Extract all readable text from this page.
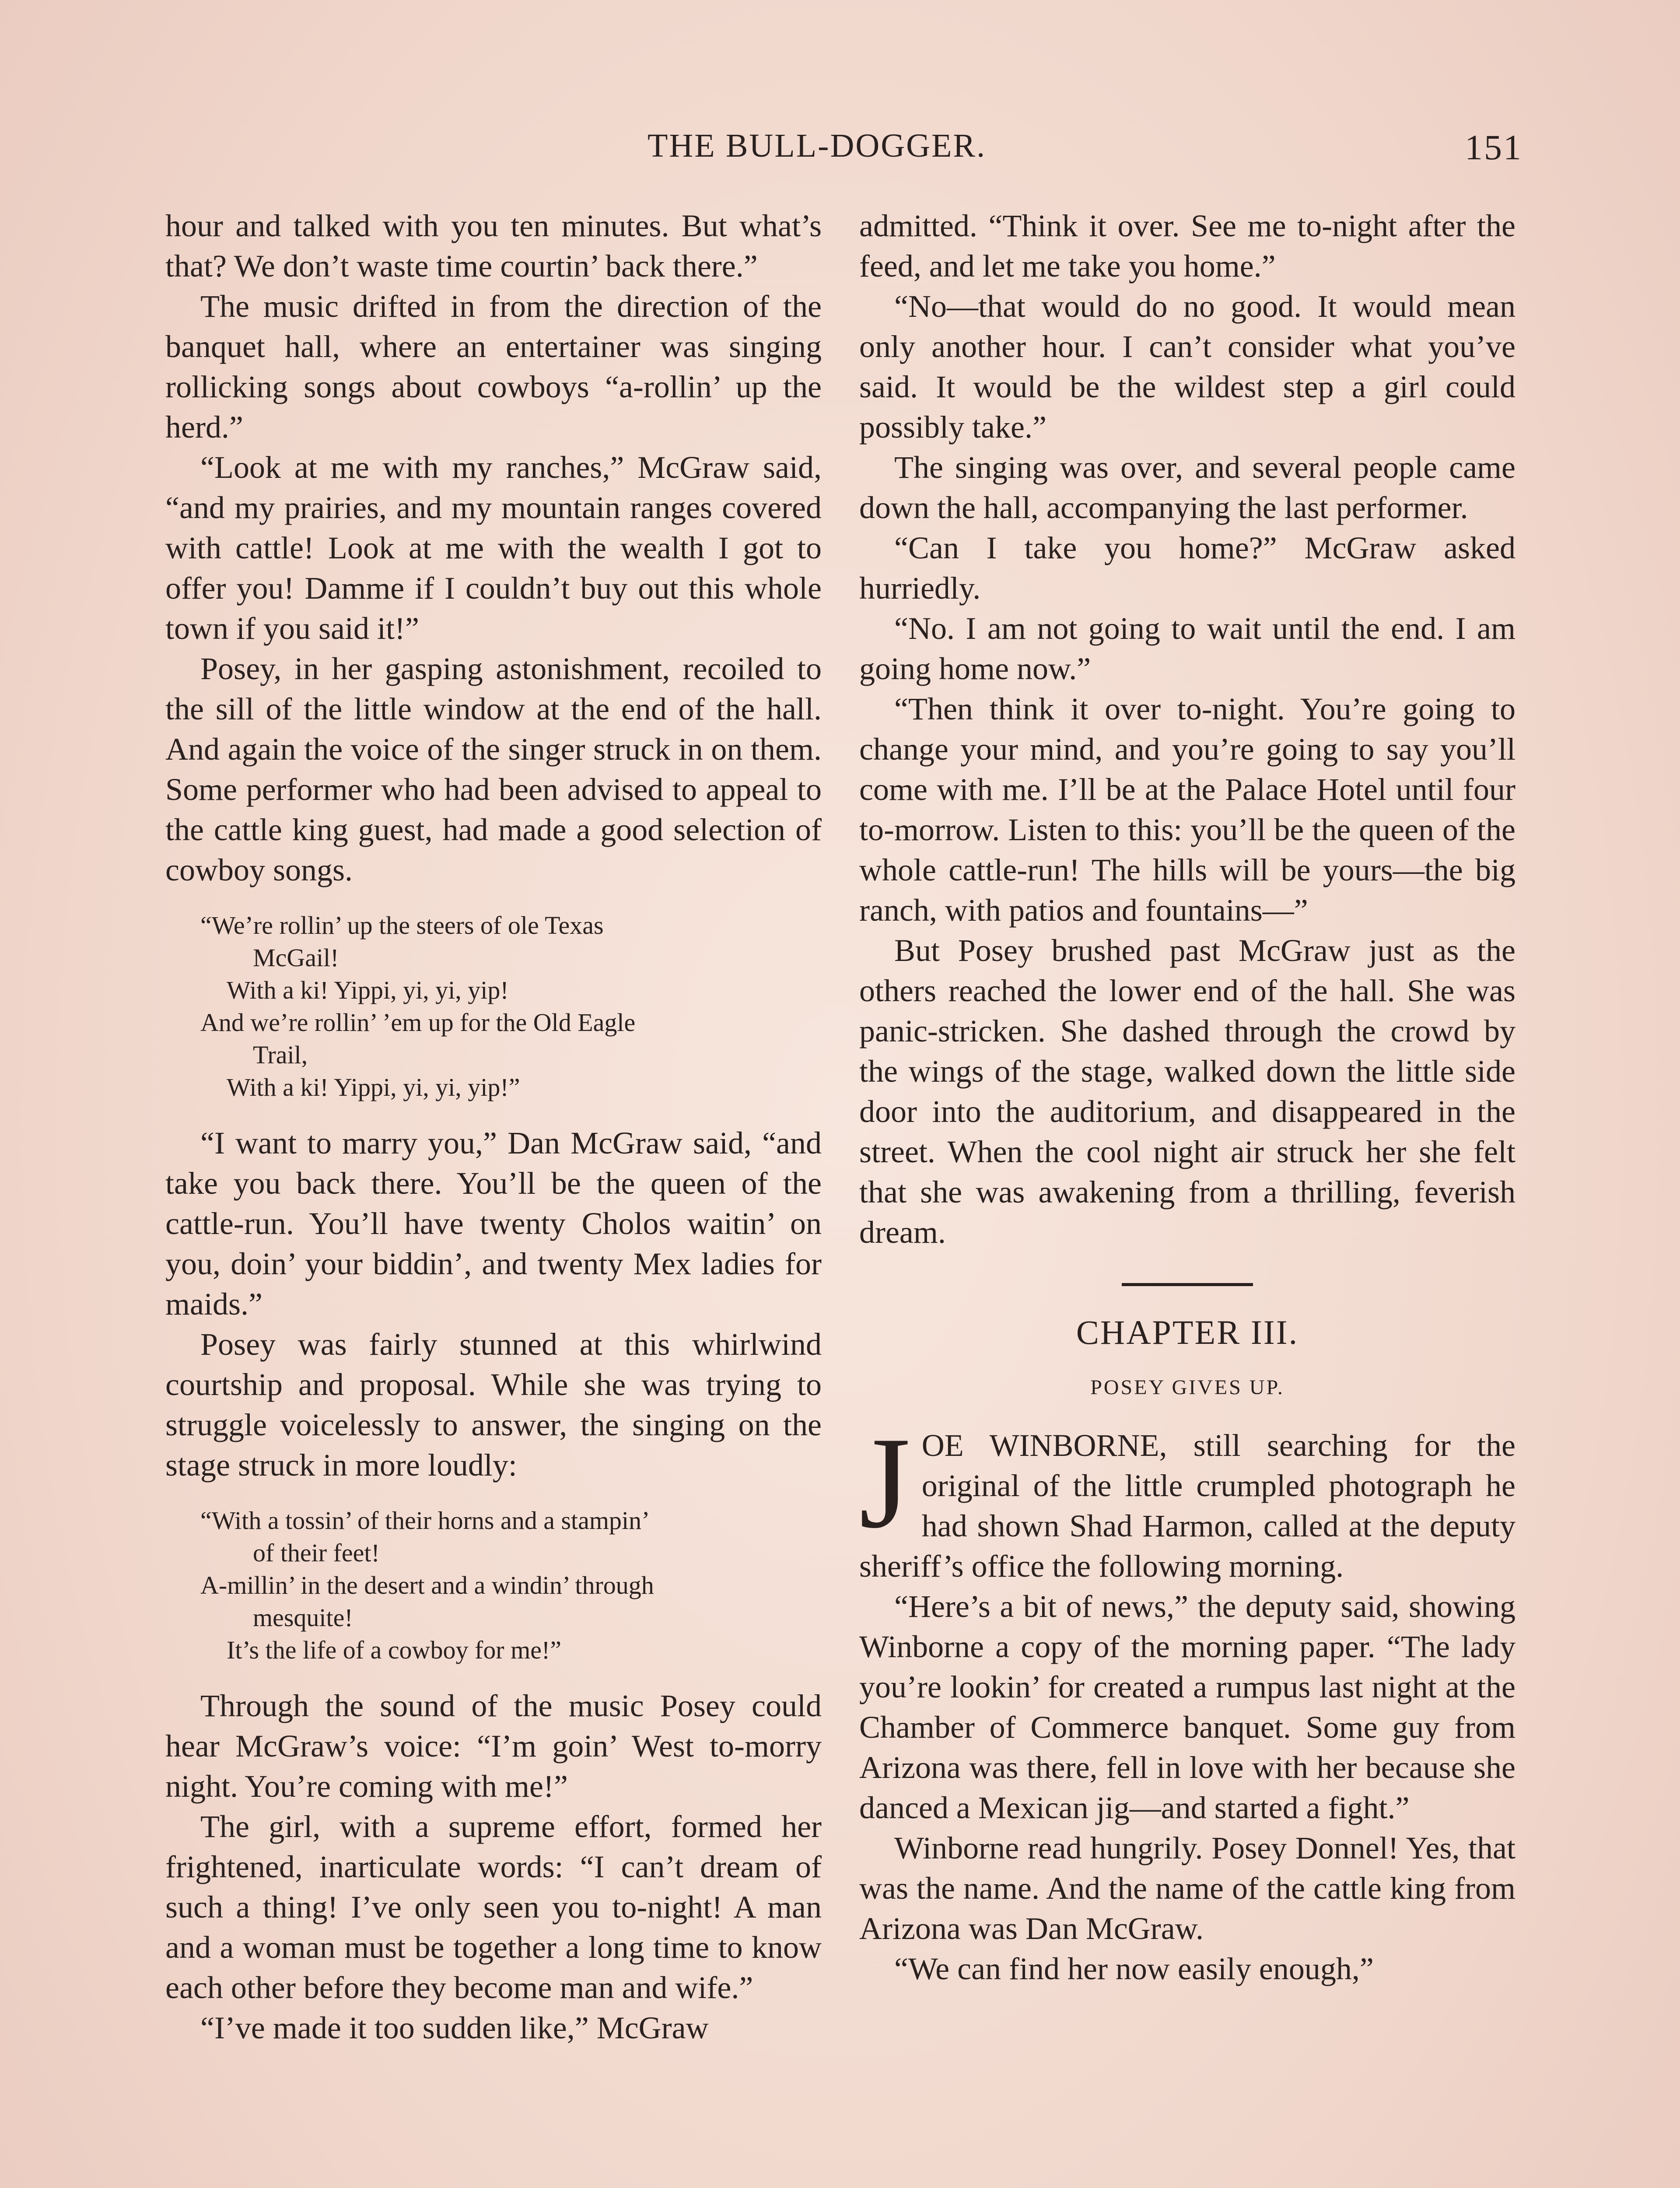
THE BULL-DOGGER.	151

hour and talked with you ten minutes. But what’s that? We don’t waste time courtin’ back there.”

The music drifted in from the direction of the banquet hall, where an entertainer was singing rollicking songs about cowboys “a-rollin’ up the herd.”

“Look at me with my ranches,” McGraw said, “and my prairies, and my mountain ranges covered with cattle! Look at me with the wealth I got to offer you! Damme if I couldn’t buy out this whole town if you said it!”

Posey, in her gasping astonishment, recoiled to the sill of the little window at the end of the hall. And again the voice of the singer struck in on them. Some performer who had been advised to appeal to the cattle king guest, had made a good selection of cowboy songs.

“We’re rollin’ up the steers of ole Texas
McGail!
With a ki! Yippi, yi, yi, yip!
And we’re rollin’ ’em up for the Old Eagle
Trail,
With a ki! Yippi, yi, yi, yip!”

“I want to marry you,” Dan McGraw said, “and take you back there. You’ll be the queen of the cattle-run. You’ll have twenty Cholos waitin’ on you, doin’ your biddin’, and twenty Mex ladies for maids.”

Posey was fairly stunned at this whirlwind courtship and proposal. While she was trying to struggle voicelessly to answer, the singing on the stage struck in more loudly:

“With a tossin’ of their horns and a stampin’
of their feet!
A-millin’ in the desert and a windin’ through
mesquite!
It’s the life of a cowboy for me!”

Through the sound of the music Posey could hear McGraw’s voice: “I’m goin’ West to-morry night. You’re coming with me!”

The girl, with a supreme effort, formed her frightened, inarticulate words: “I can’t dream of such a thing! I’ve only seen you to-night! A man and a woman must be together a long time to know each other before they become man and wife.”

“I’ve made it too sudden like,” McGraw

admitted. “Think it over. See me to-night after the feed, and let me take you home.”

“No—that would do no good. It would mean only another hour. I can’t consider what you’ve said. It would be the wildest step a girl could possibly take.”

The singing was over, and several people came down the hall, accompanying the last performer.

“Can I take you home?” McGraw asked hurriedly.

“No. I am not going to wait until the end. I am going home now.”

“Then think it over to-night. You’re going to change your mind, and you’re going to say you’ll come with me. I’ll be at the Palace Hotel until four to-morrow. Listen to this: you’ll be the queen of the whole cattle-run! The hills will be yours—the big ranch, with patios and fountains—”

But Posey brushed past McGraw just as the others reached the lower end of the hall. She was panic-stricken. She dashed through the crowd by the wings of the stage, walked down the little side door into the auditorium, and disappeared in the street. When the cool night air struck her she felt that she was awakening from a thrilling, feverish dream.

CHAPTER III.
POSEY GIVES UP.
J OE WINBORNE, still searching for the original of the little crumpled photograph he had shown Shad Harmon, called at the deputy sheriff’s office the following morning.

“Here’s a bit of news,” the deputy said, showing Winborne a copy of the morning paper. “The lady you’re lookin’ for created a rumpus last night at the Chamber of Commerce banquet. Some guy from Arizona was there, fell in love with her because she danced a Mexican jig—and started a fight.”

Winborne read hungrily. Posey Donnel! Yes, that was the name. And the name of the cattle king from Arizona was Dan McGraw.

“We can find her now easily enough,”
